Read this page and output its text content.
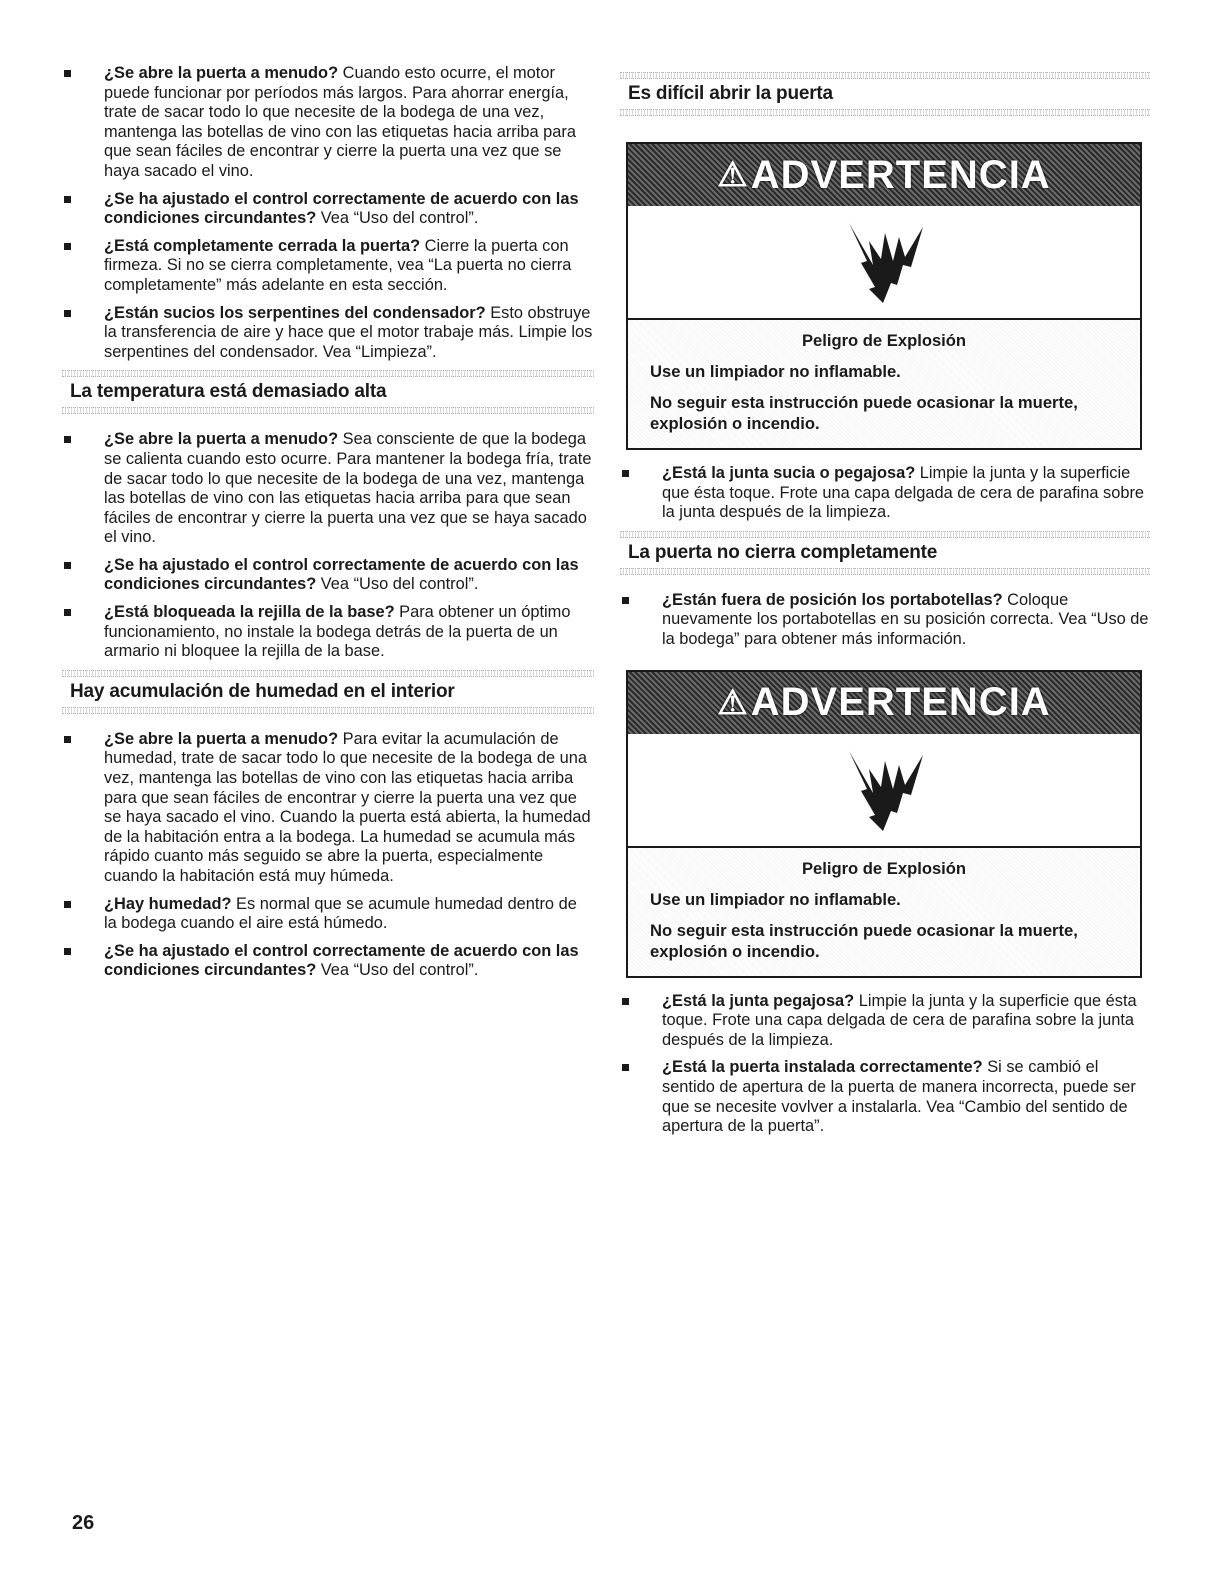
¿Se abre la puerta a menudo? Cuando esto ocurre, el motor puede funcionar por períodos más largos. Para ahorrar energía, trate de sacar todo lo que necesite de la bodega de una vez, mantenga las botellas de vino con las etiquetas hacia arriba para que sean fáciles de encontrar y cierre la puerta una vez que se haya sacado el vino.
¿Se ha ajustado el control correctamente de acuerdo con las condiciones circundantes? Vea “Uso del control”.
¿Está completamente cerrada la puerta? Cierre la puerta con firmeza. Si no se cierra completamente, vea “La puerta no cierra completamente” más adelante en esta sección.
¿Están sucios los serpentines del condensador? Esto obstruye la transferencia de aire y hace que el motor trabaje más. Limpie los serpentines del condensador. Vea “Limpieza”.
La temperatura está demasiado alta
¿Se abre la puerta a menudo? Sea consciente de que la bodega se calienta cuando esto ocurre. Para mantener la bodega fría, trate de sacar todo lo que necesite de la bodega de una vez, mantenga las botellas de vino con las etiquetas hacia arriba para que sean fáciles de encontrar y cierre la puerta una vez que se haya sacado el vino.
¿Se ha ajustado el control correctamente de acuerdo con las condiciones circundantes? Vea “Uso del control”.
¿Está bloqueada la rejilla de la base? Para obtener un óptimo funcionamiento, no instale la bodega detrás de la puerta de un armario ni bloquee la rejilla de la base.
Hay acumulación de humedad en el interior
¿Se abre la puerta a menudo? Para evitar la acumulación de humedad, trate de sacar todo lo que necesite de la bodega de una vez, mantenga las botellas de vino con las etiquetas hacia arriba para que sean fáciles de encontrar y cierre la puerta una vez que se haya sacado el vino. Cuando la puerta está abierta, la humedad de la habitación entra a la bodega. La humedad se acumula más rápido cuanto más seguido se abre la puerta, especialmente cuando la habitación está muy húmeda.
¿Hay humedad? Es normal que se acumule humedad dentro de la bodega cuando el aire está húmedo.
¿Se ha ajustado el control correctamente de acuerdo con las condiciones circundantes? Vea “Uso del control”.
Es difícil abrir la puerta
⚠ ADVERTENCIA
Peligro de Explosión

Use un limpiador no inflamable.

No seguir esta instrucción puede ocasionar la muerte, explosión o incendio.

¿Está la junta sucia o pegajosa? Limpie la junta y la superficie que ésta toque. Frote una capa delgada de cera de parafina sobre la junta después de la limpieza.
La puerta no cierra completamente
¿Están fuera de posición los portabotellas? Coloque nuevamente los portabotellas en su posición correcta. Vea “Uso de la bodega” para obtener más información.
⚠ ADVERTENCIA
Peligro de Explosión

Use un limpiador no inflamable.

No seguir esta instrucción puede ocasionar la muerte, explosión o incendio.

¿Está la junta pegajosa? Limpie la junta y la superficie que ésta toque. Frote una capa delgada de cera de parafina sobre la junta después de la limpieza.
¿Está la puerta instalada correctamente? Si se cambió el sentido de apertura de la puerta de manera incorrecta, puede ser que se necesite vovlver a instalarla. Vea “Cambio del sentido de apertura de la puerta”.
26
